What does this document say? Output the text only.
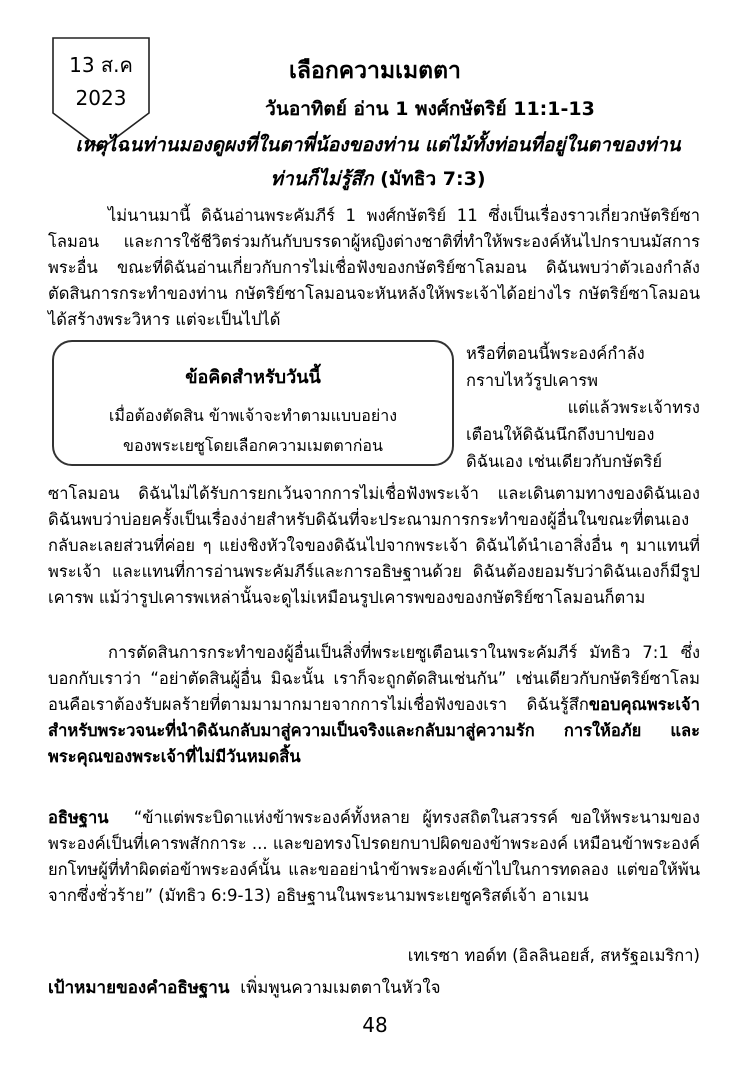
13 ส.ค
2023
เลือกความเมตตา
วันอาทิตย์ อ่าน 1 พงศ์กษัตริย์ 11:1-13
เหตุไฉนท่านมองดูผงที่ในตาพี่น้องของท่าน แต่ไม้ทั้งท่อนที่อยู่ในตาของท่าน
ท่านก็ไม่รู้สึก (มัทธิว 7:3)
ไม่นานมานี้ ดิฉันอ่านพระคัมภีร์ 1 พงศ์กษัตริย์ 11 ซึ่งเป็นเรื่องราวเกี่ยวกษัตริย์ซาโลมอน และการใช้ชีวิตร่วมกันกับบรรดาผู้หญิงต่างชาติที่ทำให้พระองค์หันไปกราบนมัสการพระอื่น ขณะที่ดิฉันอ่านเกี่ยวกับการไม่เชื่อฟังของกษัตริย์ซาโลมอน ดิฉันพบว่าตัวเองกำลังตัดสินการกระทำของท่าน กษัตริย์ซาโลมอนจะหันหลังให้พระเจ้าได้อย่างไร กษัตริย์ซาโลมอนได้สร้างพระวิหาร แต่จะเป็นไปได้
ข้อคิดสำหรับวันนี้
เมื่อต้องตัดสิน ข้าพเจ้าจะทำตามแบบอย่าง
ของพระเยซูโดยเลือกความเมตตาก่อน
หรือที่ตอนนี้พระองค์กำลัง
กราบไหว้รูปเคารพ
แต่แล้วพระเจ้าทรง
เตือนให้ดิฉันนึกถึงบาปของ
ดิฉันเอง เช่นเดียวกับกษัตริย์
ซาโลมอน ดิฉันไม่ได้รับการยกเว้นจากการไม่เชื่อฟังพระเจ้า และเดินตามทางของดิฉันเอง ดิฉันพบว่าบ่อยครั้งเป็นเรื่องง่ายสำหรับดิฉันที่จะประณามการกระทำของผู้อื่นในขณะที่ตนเองกลับละเลยส่วนที่ค่อย ๆ แย่งชิงหัวใจของดิฉันไปจากพระเจ้า ดิฉันได้นำเอาสิ่งอื่น ๆ มาแทนที่พระเจ้า และแทนที่การอ่านพระคัมภีร์และการอธิษฐานด้วย ดิฉันต้องยอมรับว่าดิฉันเองก็มีรูปเคารพ แม้ว่ารูปเคารพเหล่านั้นจะดูไม่เหมือนรูปเคารพของของกษัตริย์ซาโลมอนก็ตาม
การตัดสินการกระทำของผู้อื่นเป็นสิ่งที่พระเยซูเตือนเราในพระคัมภีร์ มัทธิว 7:1 ซึ่งบอกกับเราว่า “อย่าตัดสินผู้อื่น มิฉะนั้น เราก็จะถูกตัดสินเช่นกัน” เช่นเดียวกับกษัตริย์ซาโลมอนคือเราต้องรับผลร้ายที่ตามมามากมายจากการไม่เชื่อฟังของเรา ดิฉันรู้สึกขอบคุณพระเจ้าสำหรับพระวจนะที่นำดิฉันกลับมาสู่ความเป็นจริงและกลับมาสู่ความรัก การให้อภัย และพระคุณของพระเจ้าที่ไม่มีวันหมดสิ้น
อธิษฐาน “ข้าแต่พระบิดาแห่งข้าพระองค์ทั้งหลาย ผู้ทรงสถิตในสวรรค์ ขอให้พระนามของพระองค์เป็นที่เคารพสักการะ ... และขอทรงโปรดยกบาปผิดของข้าพระองค์ เหมือนข้าพระองค์ยกโทษผู้ที่ทำผิดต่อข้าพระองค์นั้น และขออย่านำข้าพระองค์เข้าไปในการทดลอง แต่ขอให้พ้นจากซึ่งชั่วร้าย” (มัทธิว 6:9-13) อธิษฐานในพระนามพระเยซูคริสต์เจ้า อาเมน
เทเรซา ทอด์ท (อิลลินอยส์, สหรัฐอเมริกา)
เป้าหมายของคำอธิษฐาน เพิ่มพูนความเมตตาในหัวใจ
48
